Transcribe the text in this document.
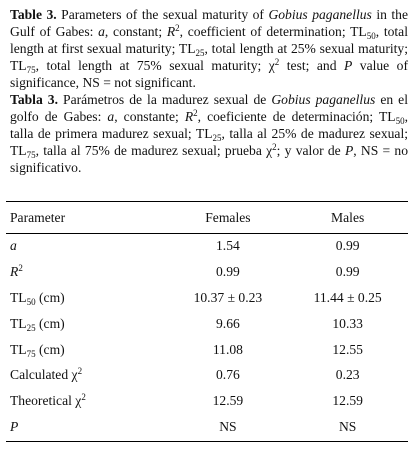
Table 3. Parameters of the sexual maturity of Gobius paganellus in the Gulf of Gabes: a, constant; $R^2$, coefficient of determination; $TL_{50}$, total length at first sexual maturity; $TL_{25}$, total length at 25% sexual maturity; $TL_{75}$, total length at 75% sexual maturity; $\chi^2$ test; and P value of significance, NS = not significant.

Tabla 3. Parámetros de la madurez sexual de Gobius paganellus en el golfo de Gabes: a, constante; $R^2$, coeficiente de determinación; $TL_{50}$, talla de primera madurez sexual; $TL_{25}$, talla al 25% de madurez sexual; $TL_{75}$, talla al 75% de madurez sexual; prueba $\chi^2$; y valor de P, NS = no significativo.

Parameter	Females	Males
a	1.54	0.99
$R^2$	0.99	0.99
$TL_{50}$ (cm)	10.37 ± 0.23	11.44 ± 0.25
$TL_{25}$ (cm)	9.66	10.33
$TL_{75}$ (cm)	11.08	12.55
Calculated $\chi^2$	0.76	0.23
Theoretical $\chi^2$	12.59	12.59
P	NS	NS
